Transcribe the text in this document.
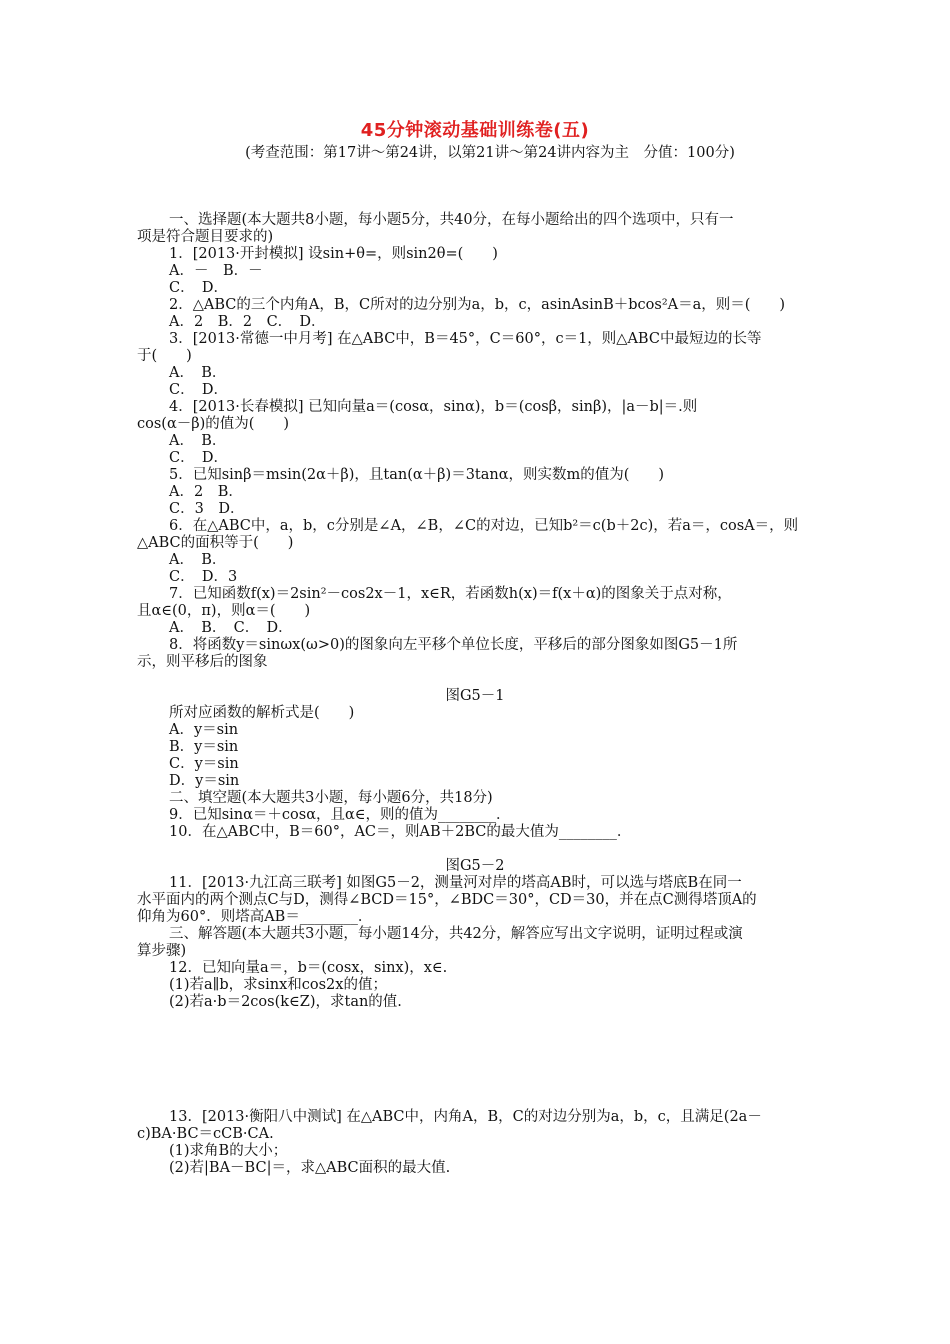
45分钟滚动基础训练卷(五)
(考查范围：第17讲～第24讲，以第21讲～第24讲内容为主　分值：100分)
一、选择题(本大题共8小题，每小题5分，共40分，在每小题给出的四个选项中，只有一
项是符合题目要求的)
1．[2013·开封模拟] 设sin+θ=，则sin2θ=(　　)
A．－　B．－
C．　D．
2．△ABC的三个内角A，B，C所对的边分别为a，b，c，asinAsinB＋bcos²A＝a，则＝(　　)
A．2　B．2　C．　D．
3．[2013·常德一中月考] 在△ABC中，B＝45°，C＝60°，c＝1，则△ABC中最短边的长等
于(　　)
A．　B．
C．　D．
4．[2013·长春模拟] 已知向量a＝(cosα，sinα)，b＝(cosβ，sinβ)，|a－b|＝.则
cos(α－β)的值为(　　)
A．　B．
C．　D．
5．已知sinβ＝msin(2α＋β)，且tan(α＋β)＝3tanα，则实数m的值为(　　)
A．2　B．
C．3　D．
6．在△ABC中，a，b，c分别是∠A，∠B，∠C的对边，已知b²＝c(b＋2c)，若a＝，cosA＝，则
△ABC的面积等于(　　)
A．　B．
C．　D．3
7．已知函数f(x)＝2sin²－cos2x－1，x∈R，若函数h(x)＝f(x＋α)的图象关于点对称，
且α∈(0，π)，则α＝(　　)
A．　B．　C．　D．
8．将函数y＝sinωx(ω>0)的图象向左平移个单位长度，平移后的部分图象如图G5－1所
示，则平移后的图象
图G5－1
所对应函数的解析式是(　　)
A．y＝sin
B．y＝sin
C．y＝sin
D．y＝sin
二、填空题(本大题共3小题，每小题6分，共18分)
9．已知sinα＝＋cosα，且α∈，则的值为________．
10．在△ABC中，B＝60°，AC＝，则AB＋2BC的最大值为________．
图G5－2
11．[2013·九江高三联考] 如图G5－2，测量河对岸的塔高AB时，可以选与塔底B在同一
水平面内的两个测点C与D，测得∠BCD＝15°，∠BDC＝30°，CD＝30，并在点C测得塔顶A的
仰角为60°．则塔高AB＝________．
三、解答题(本大题共3小题，每小题14分，共42分，解答应写出文字说明，证明过程或演
算步骤)
12．已知向量a＝，b＝(cosx，sinx)，x∈.
(1)若a∥b，求sinx和cos2x的值；
(2)若a·b＝2cos(k∈Z)，求tan的值.
13．[2013·衡阳八中测试] 在△ABC中，内角A，B，C的对边分别为a，b，c，且满足(2a－
c)BA·BC＝cCB·CA.
(1)求角B的大小；
(2)若|BA－BC|＝，求△ABC面积的最大值.
